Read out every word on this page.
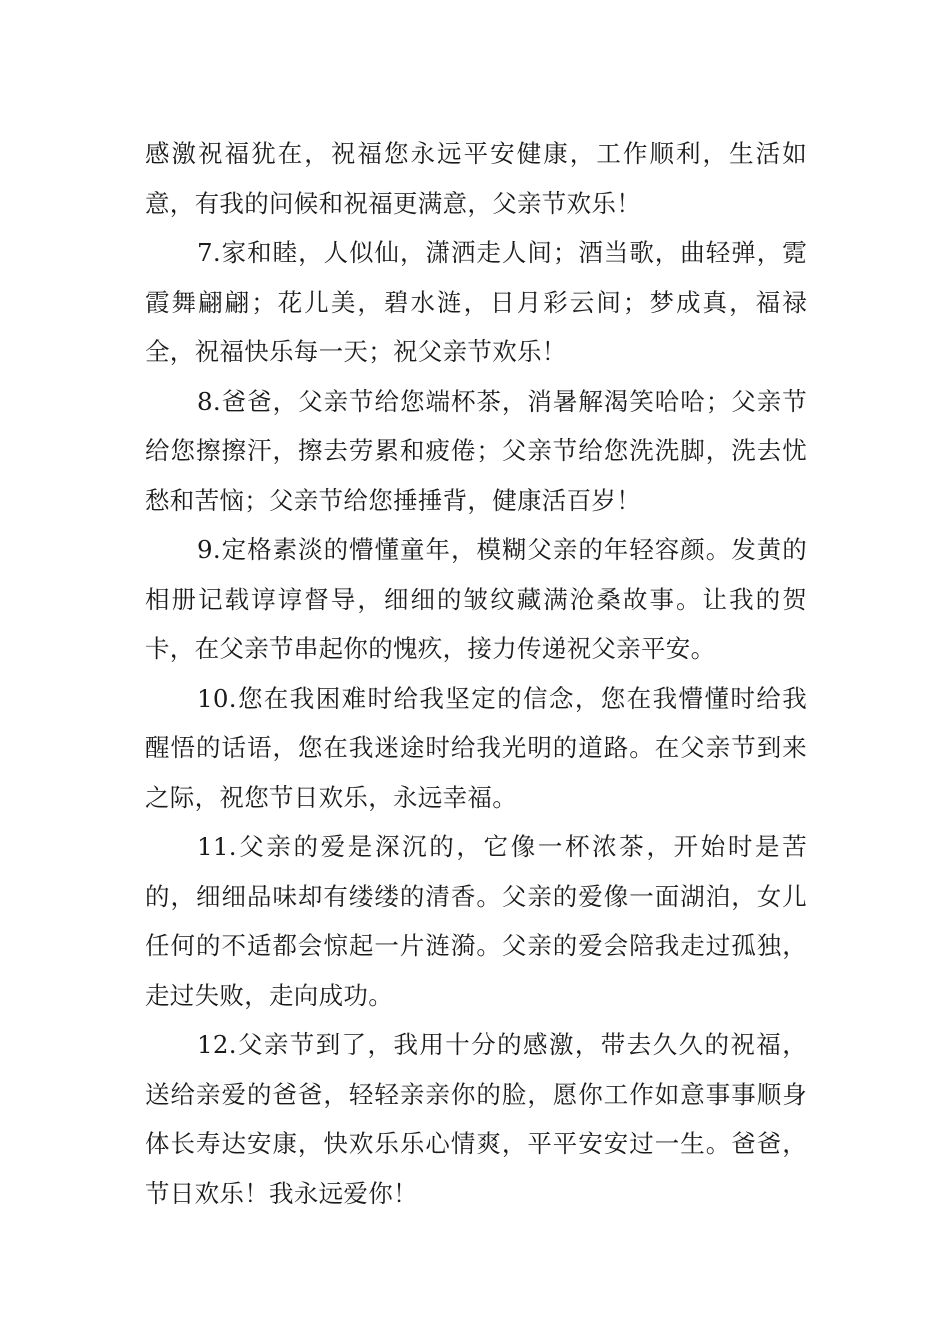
感激祝福犹在，祝福您永远平安健康，工作顺利，生活如意，有我的问候和祝福更满意，父亲节欢乐！

7.家和睦，人似仙，潇洒走人间；酒当歌，曲轻弹，霓霞舞翩翩；花儿美，碧水涟，日月彩云间；梦成真，福禄全，祝福快乐每一天；祝父亲节欢乐！

8.爸爸，父亲节给您端杯茶，消暑解渴笑哈哈；父亲节给您擦擦汗，擦去劳累和疲倦；父亲节给您洗洗脚，洗去忧愁和苦恼；父亲节给您捶捶背，健康活百岁！

9.定格素淡的懵懂童年，模糊父亲的年轻容颜。发黄的相册记载谆谆督导，细细的皱纹藏满沧桑故事。让我的贺卡，在父亲节串起你的愧疚，接力传递祝父亲平安。

10.您在我困难时给我坚定的信念，您在我懵懂时给我醒悟的话语，您在我迷途时给我光明的道路。在父亲节到来之际，祝您节日欢乐，永远幸福。

11.父亲的爱是深沉的，它像一杯浓茶，开始时是苦的，细细品味却有缕缕的清香。父亲的爱像一面湖泊，女儿任何的不适都会惊起一片涟漪。父亲的爱会陪我走过孤独，走过失败，走向成功。

12.父亲节到了，我用十分的感激，带去久久的祝福，送给亲爱的爸爸，轻轻亲亲你的脸，愿你工作如意事事顺身体长寿达安康，快欢乐乐心情爽，平平安安过一生。爸爸，节日欢乐！我永远爱你！
